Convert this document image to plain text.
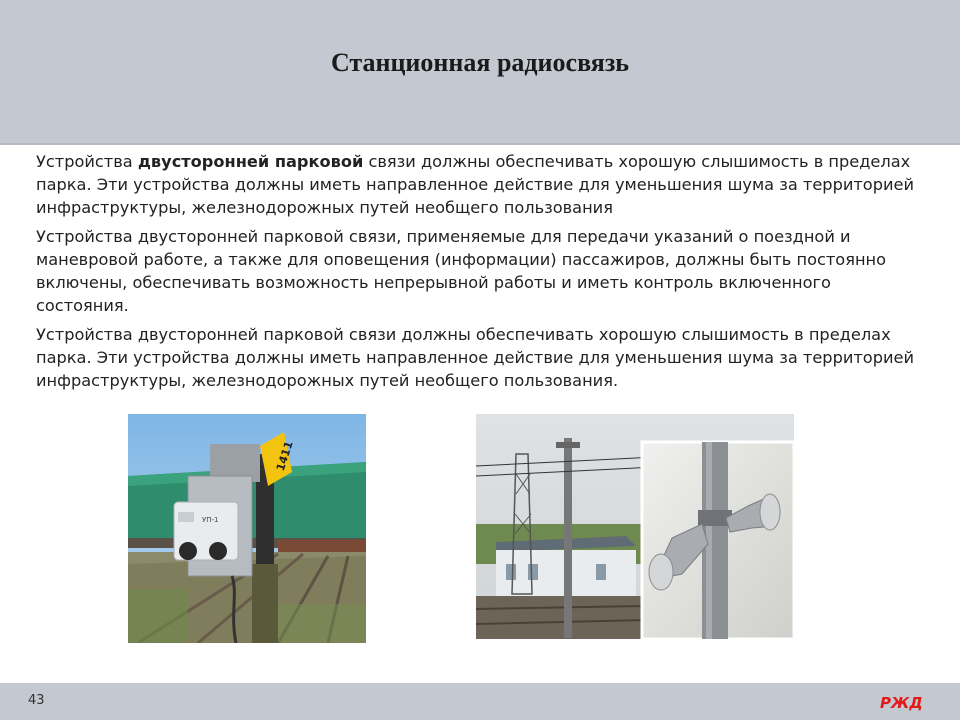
Станционная радиосвязь

Устройства двусторонней парковой связи должны обеспечивать хорошую слышимость в пределах парка. Эти устройства должны иметь направленное действие для уменьшения шума за территорией инфраструктуры, железнодорожных путей необщего пользования

Устройства двусторонней парковой связи, применяемые для передачи указаний о поездной и маневровой работе, а также для оповещения (информации) пассажиров, должны быть постоянно включены, обеспечивать возможность непрерывной работы и иметь контроль включенного состояния.

Устройства двусторонней парковой связи должны обеспечивать хорошую слышимость в пределах парка. Эти устройства должны иметь направленное действие для уменьшения шума за территорией инфраструктуры, железнодорожных путей необщего пользования.

1411
УП-1
43	РЖД
